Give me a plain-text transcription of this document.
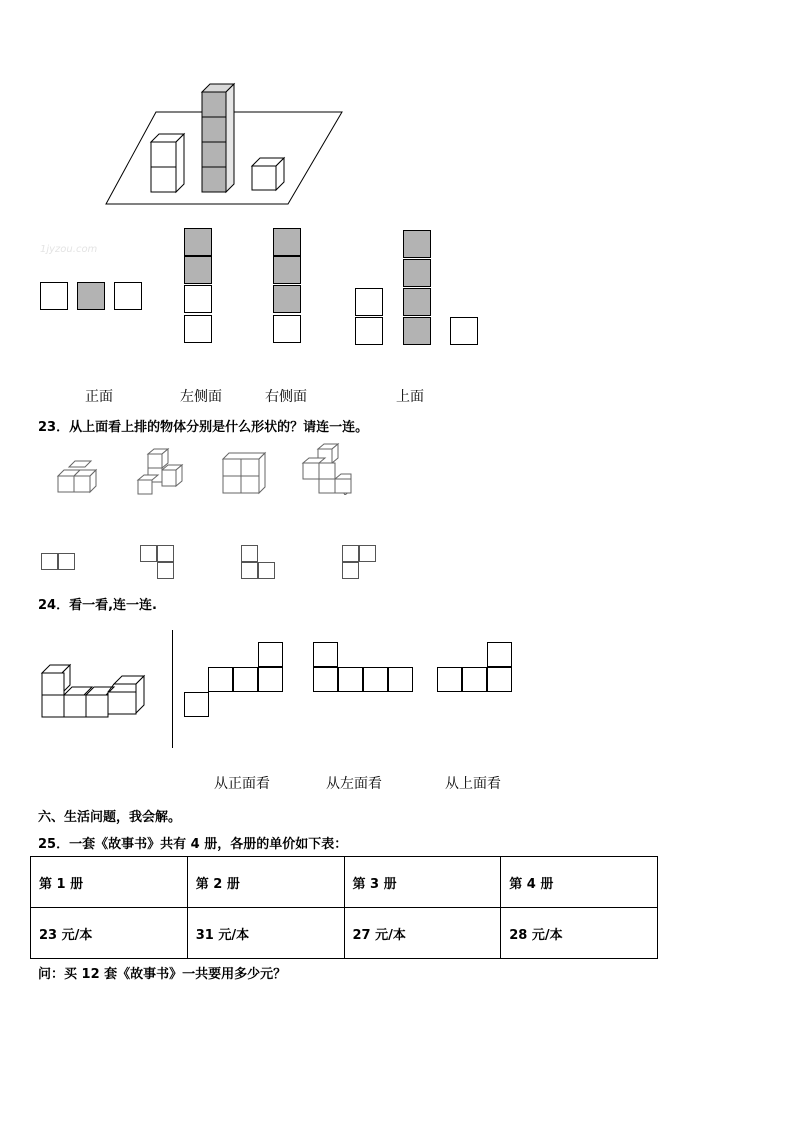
1jyzou.com
正面	左侧面	右侧面	上面
23．从上面看上排的物体分别是什么形状的？请连一连。
24．看一看,连一连.
从正面看	从左面看	从上面看
六、生活问题，我会解。
25．一套《故事书》共有 4 册，各册的单价如下表：
第 1 册	第 2 册	第 3 册	第 4 册
23 元/本	31 元/本	27 元/本	28 元/本
问：买 12 套《故事书》一共要用多少元？
